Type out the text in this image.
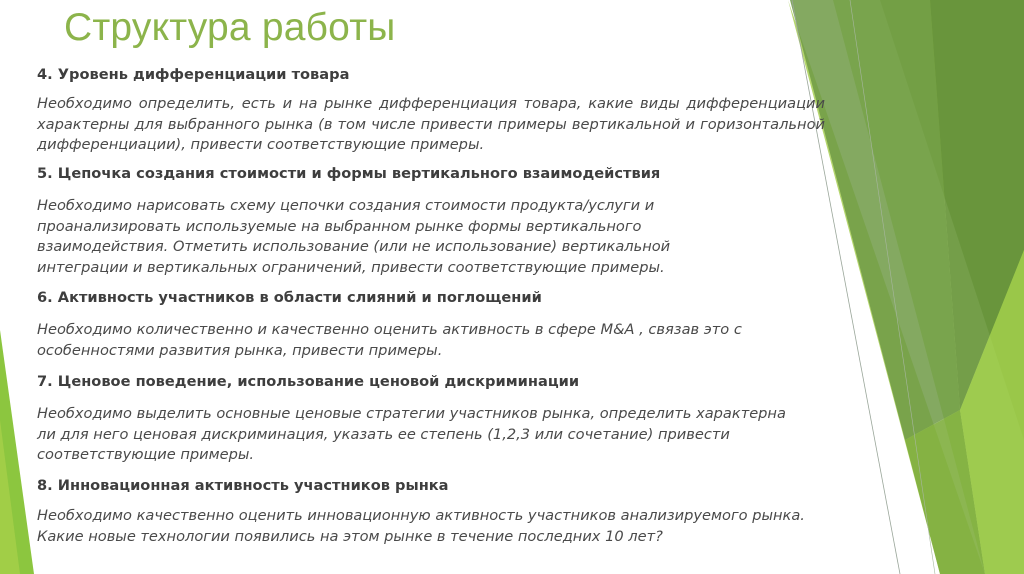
Структура работы
4. Уровень дифференциации товара
Необходимо определить, есть и на рынке дифференциация товара, какие виды дифференциации характерны для выбранного рынка (в том числе привести примеры вертикальной и горизонтальной дифференциации), привести соответствующие примеры.
5. Цепочка создания стоимости и формы вертикального взаимодействия
Необходимо нарисовать схему цепочки создания стоимости продукта/услуги и проанализировать используемые на выбранном рынке формы вертикального взаимодействия. Отметить использование (или не использование) вертикальной интеграции и вертикальных ограничений, привести соответствующие примеры.
6. Активность участников в области слияний и поглощений
Необходимо количественно и качественно оценить активность в сфере M&A , связав это с особенностями развития рынка, привести примеры.
7. Ценовое поведение, использование ценовой дискриминации
Необходимо выделить основные ценовые стратегии участников рынка, определить характерна ли для него ценовая дискриминация, указать ее степень (1,2,3 или сочетание) привести соответствующие примеры.
8. Инновационная активность участников рынка
Необходимо качественно оценить инновационную активность участников анализируемого рынка. Какие новые технологии появились на этом рынке в течение последних 10 лет?
